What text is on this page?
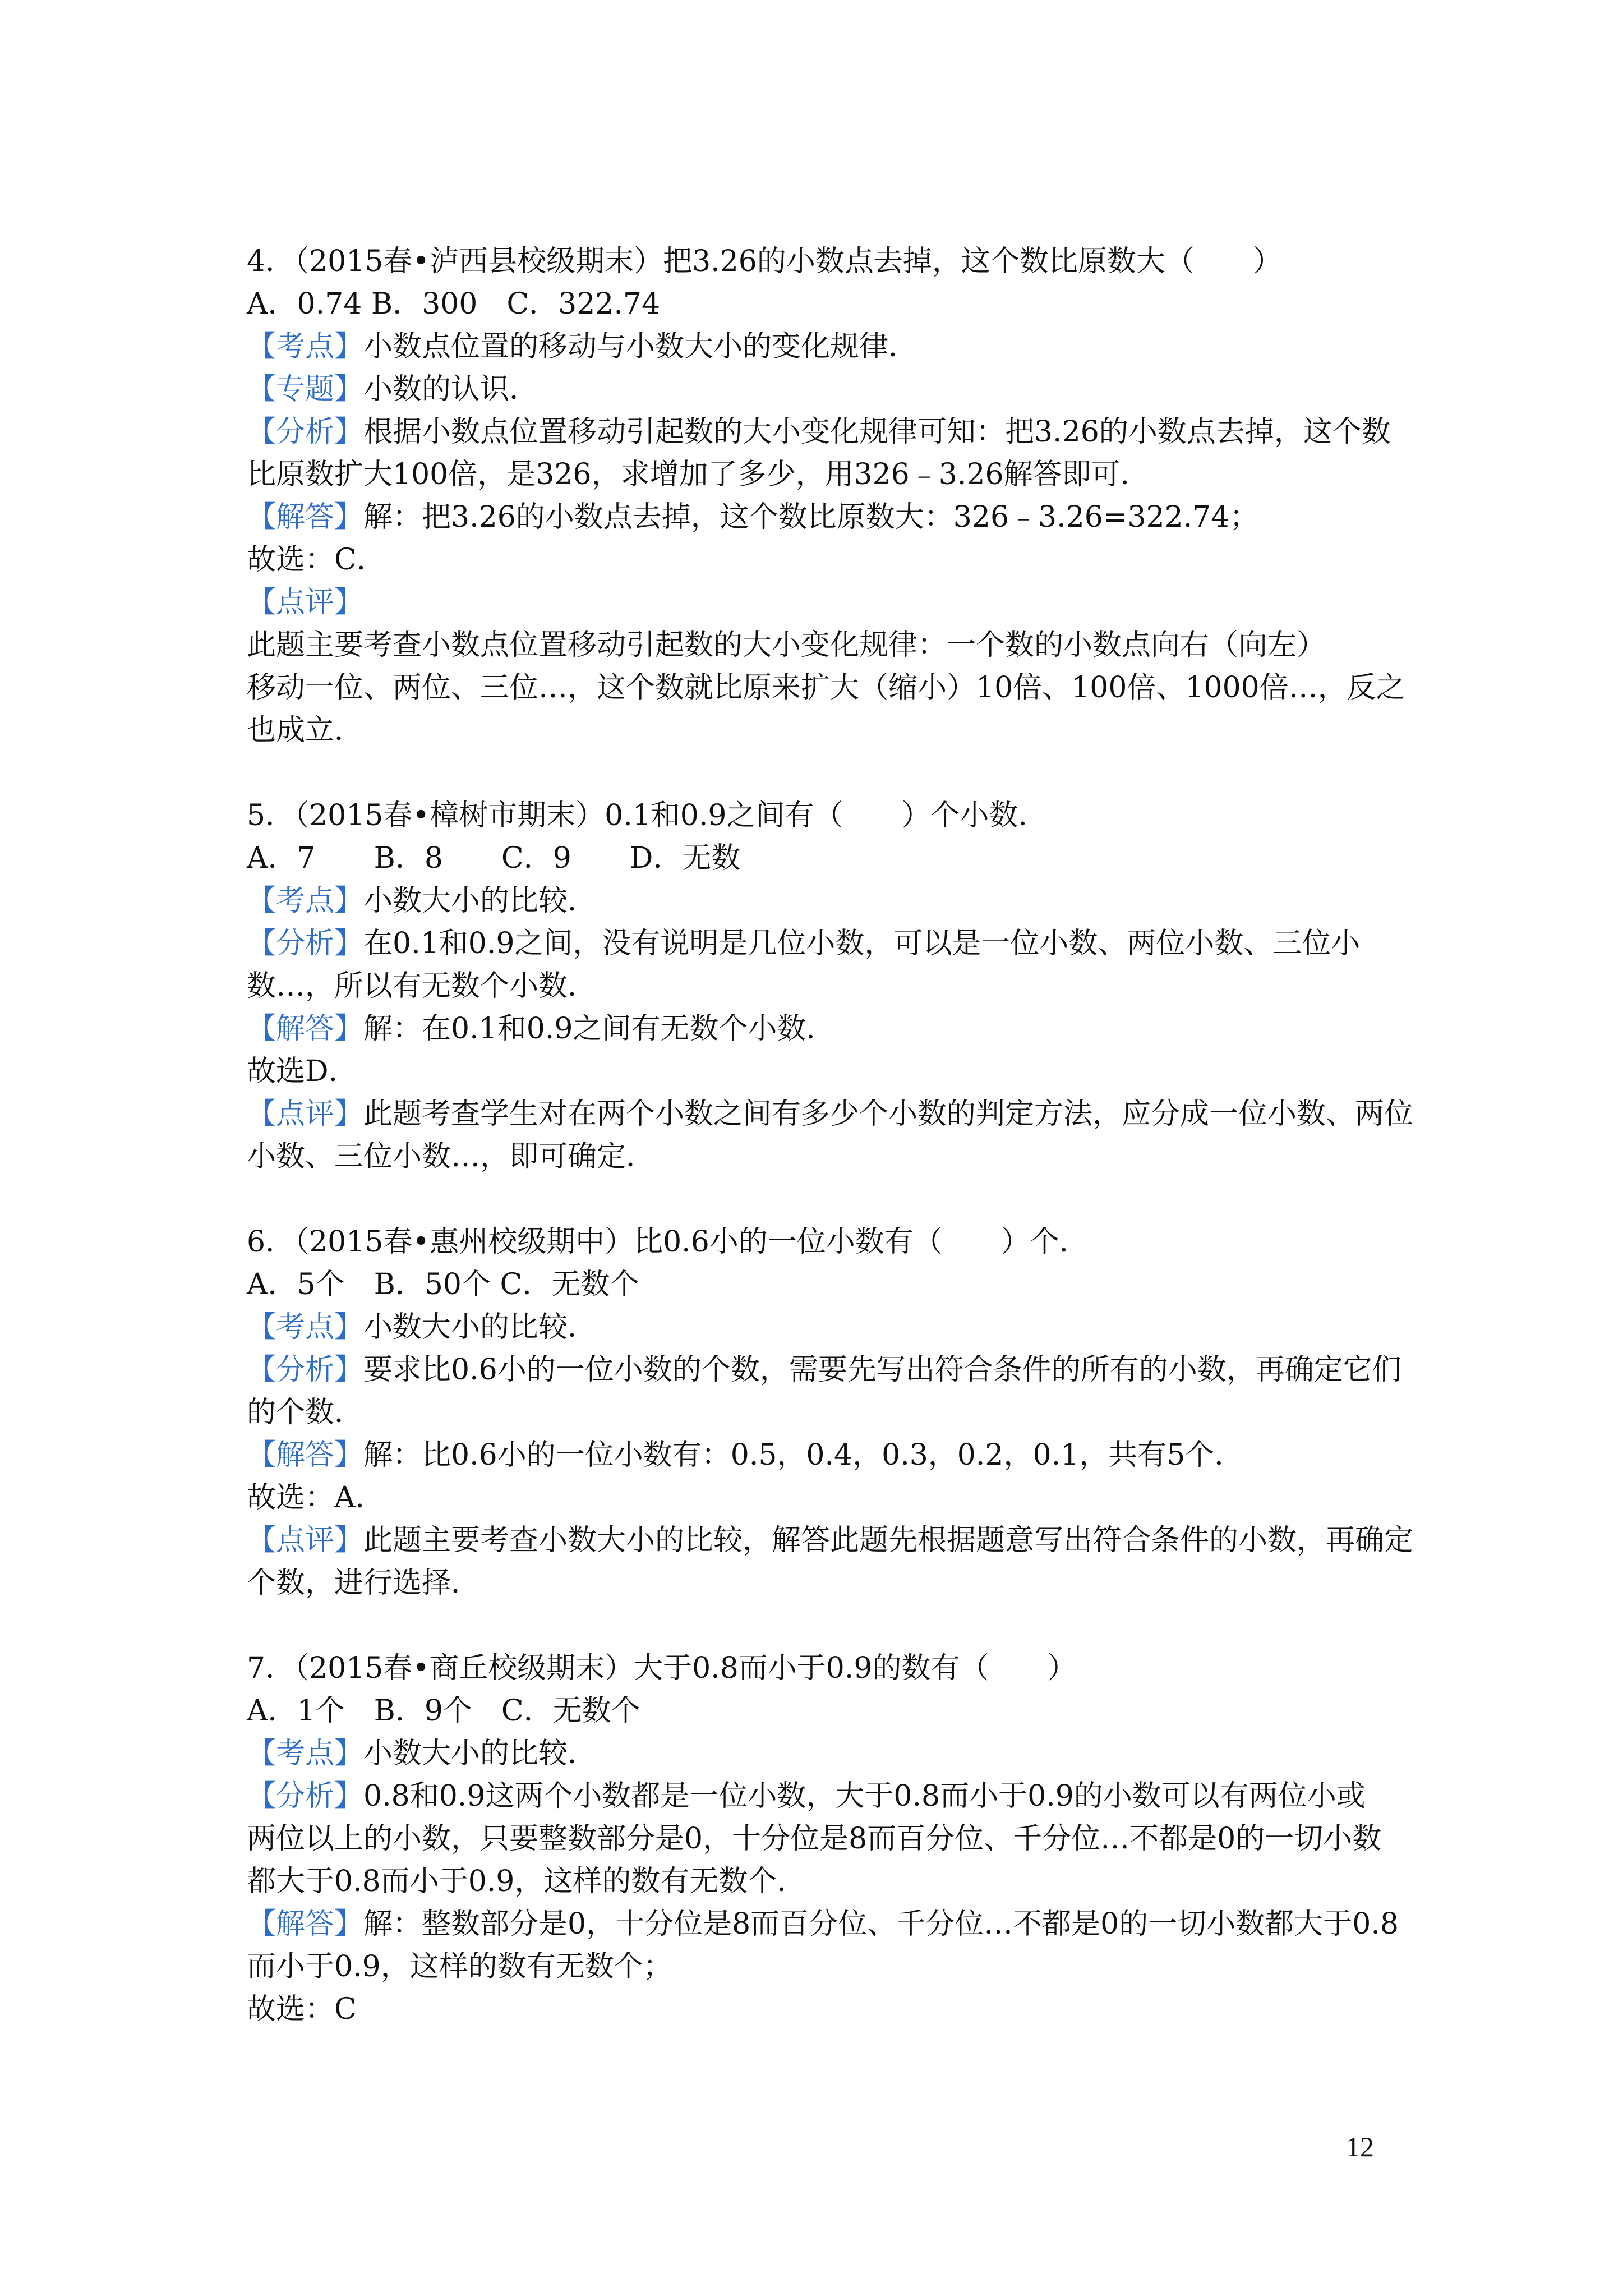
4．（2015春•泸西县校级期末）把3.26的小数点去掉，这个数比原数大（　　）

A．0.74 B．300　C．322.74

【考点】小数点位置的移动与小数大小的变化规律．

【专题】小数的认识．

【分析】根据小数点位置移动引起数的大小变化规律可知：把3.26的小数点去掉，这个数

比原数扩大100倍，是326，求增加了多少，用326﹣3.26解答即可．

【解答】解：把3.26的小数点去掉，这个数比原数大：326﹣3.26=322.74；

故选：C．

【点评】此题主要考查小数点位置移动引起数的大小变化规律：一个数的小数点向右（向左）

移动一位、两位、三位…，这个数就比原来扩大（缩小）10倍、100倍、1000倍…，反之

也成立．

5．（2015春•樟树市期末）0.1和0.9之间有（　　）个小数．

A．7　　B．8　　C．9　　D．无数

【考点】小数大小的比较．

【分析】在0.1和0.9之间，没有说明是几位小数，可以是一位小数、两位小数、三位小

数…，所以有无数个小数．

【解答】解：在0.1和0.9之间有无数个小数．

故选D．

【点评】此题考查学生对在两个小数之间有多少个小数的判定方法，应分成一位小数、两位

小数、三位小数…，即可确定．

6．（2015春•惠州校级期中）比0.6小的一位小数有（　　）个．

A．5个　B．50个 C．无数个

【考点】小数大小的比较．

【分析】要求比0.6小的一位小数的个数，需要先写出符合条件的所有的小数，再确定它们

的个数．

【解答】解：比0.6小的一位小数有：0.5，0.4，0.3，0.2，0.1，共有5个．

故选：A．

【点评】此题主要考查小数大小的比较，解答此题先根据题意写出符合条件的小数，再确定

个数，进行选择．

7．（2015春•商丘校级期末）大于0.8而小于0.9的数有（　　）

A．1个　B．9个　C．无数个

【考点】小数大小的比较．

【分析】0.8和0.9这两个小数都是一位小数，大于0.8而小于0.9的小数可以有两位小或

两位以上的小数，只要整数部分是0，十分位是8而百分位、千分位…不都是0的一切小数

都大于0.8而小于0.9，这样的数有无数个．

【解答】解：整数部分是0，十分位是8而百分位、千分位…不都是0的一切小数都大于0.8

而小于0.9，这样的数有无数个；

故选：C

12
